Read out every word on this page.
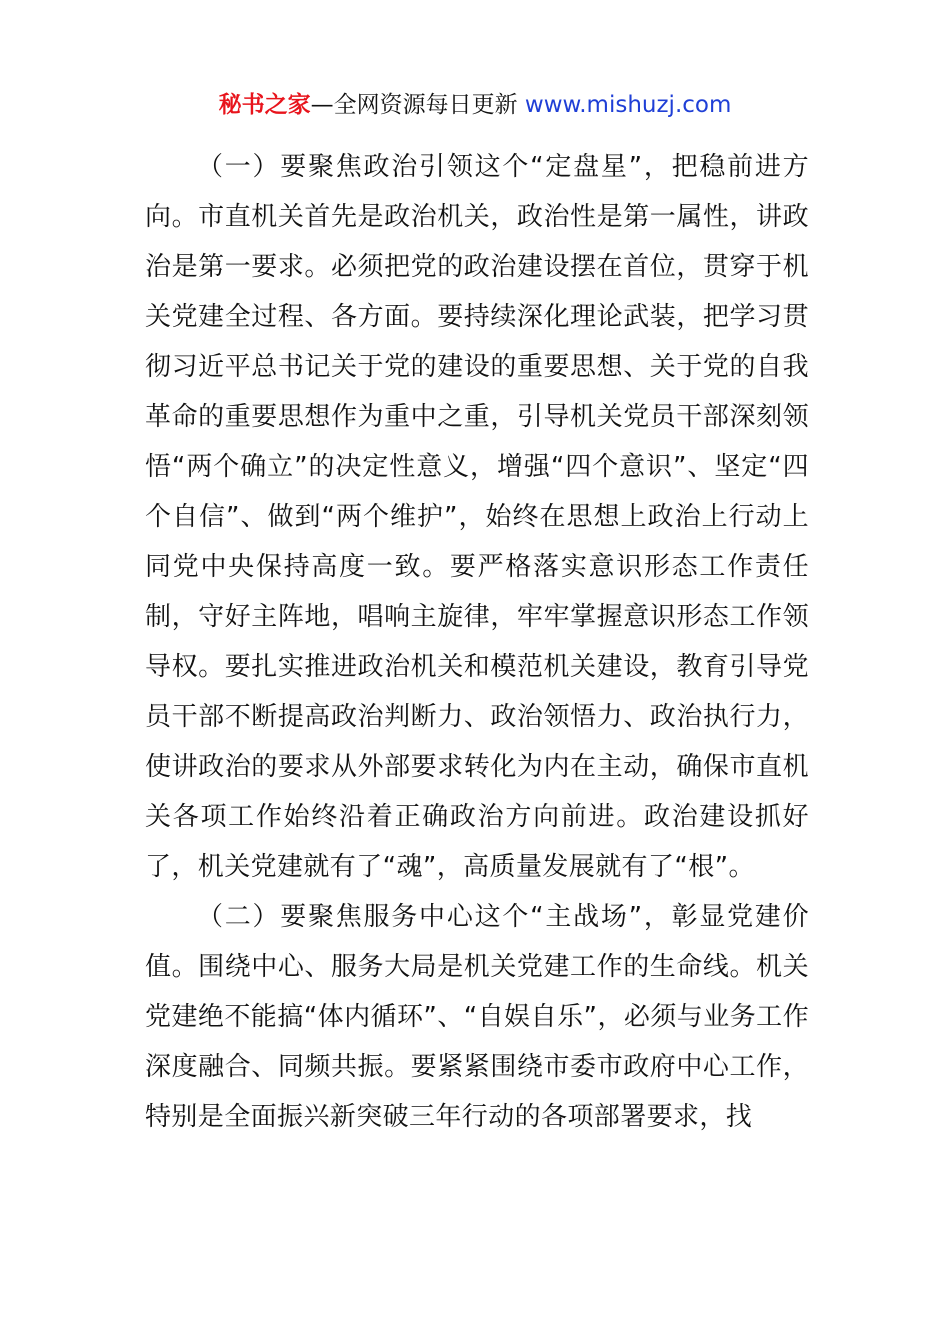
秘书之家—全网资源每日更新 www.mishuzj.com

（一）要聚焦政治引领这个“定盘星”，把稳前进方向。市直机关首先是政治机关，政治性是第一属性，讲政治是第一要求。必须把党的政治建设摆在首位，贯穿于机关党建全过程、各方面。要持续深化理论武装，把学习贯彻习近平总书记关于党的建设的重要思想、关于党的自我革命的重要思想作为重中之重，引导机关党员干部深刻领悟“两个确立”的决定性意义，增强“四个意识”、坚定“四个自信”、做到“两个维护”，始终在思想上政治上行动上同党中央保持高度一致。要严格落实意识形态工作责任制，守好主阵地，唱响主旋律，牢牢掌握意识形态工作领导权。要扎实推进政治机关和模范机关建设，教育引导党员干部不断提高政治判断力、政治领悟力、政治执行力，使讲政治的要求从外部要求转化为内在主动，确保市直机关各项工作始终沿着正确政治方向前进。政治建设抓好了，机关党建就有了“魂”，高质量发展就有了“根”。

（二）要聚焦服务中心这个“主战场”，彰显党建价值。围绕中心、服务大局是机关党建工作的生命线。机关党建绝不能搞“体内循环”、“自娱自乐”，必须与业务工作深度融合、同频共振。要紧紧围绕市委市政府中心工作，特别是全面振兴新突破三年行动的各项部署要求，找
